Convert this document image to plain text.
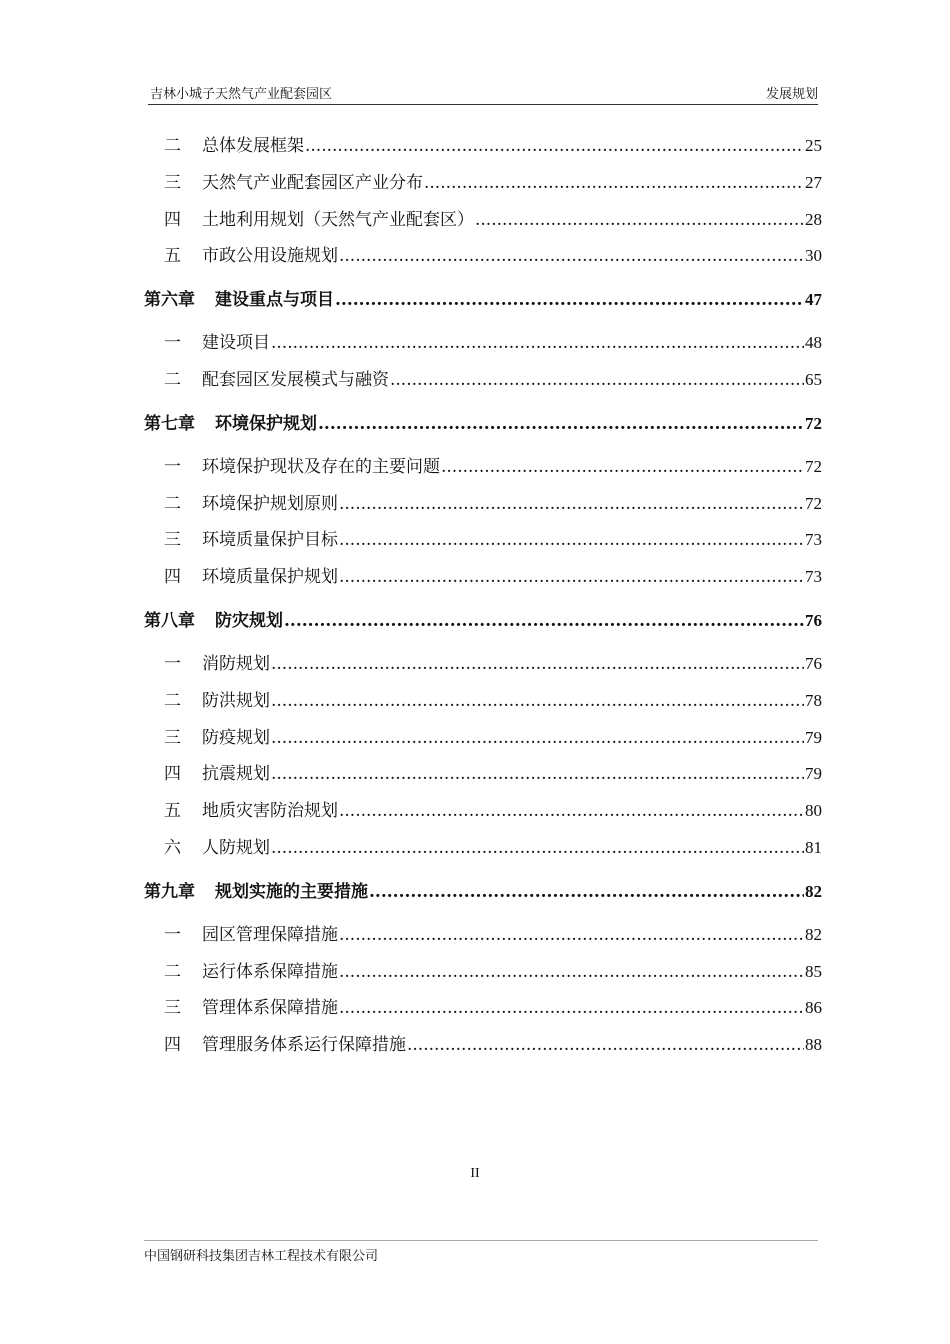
吉林小城子天然气产业配套园区	发展规划
二	总体发展框架 .....	25
三	天然气产业配套园区产业分布 .....	27
四	土地利用规划（天然气产业配套区） .....	28
五	市政公用设施规划 .....	30
第六章	建设重点与项目 .....	47
一	建设项目 .....	48
二	配套园区发展模式与融资 .....	65
第七章	环境保护规划 .....	72
一	环境保护现状及存在的主要问题 .....	72
二	环境保护规划原则 .....	72
三	环境质量保护目标 .....	73
四	环境质量保护规划 .....	73
第八章	防灾规划 .....	76
一	消防规划 .....	76
二	防洪规划 .....	78
三	防疫规划 .....	79
四	抗震规划 .....	79
五	地质灾害防治规划 .....	80
六	人防规划 .....	81
第九章	规划实施的主要措施 .....	82
一	园区管理保障措施 .....	82
二	运行体系保障措施 .....	85
三	管理体系保障措施 .....	86
四	管理服务体系运行保障措施 .....	88
II
中国钢研科技集团吉林工程技术有限公司
